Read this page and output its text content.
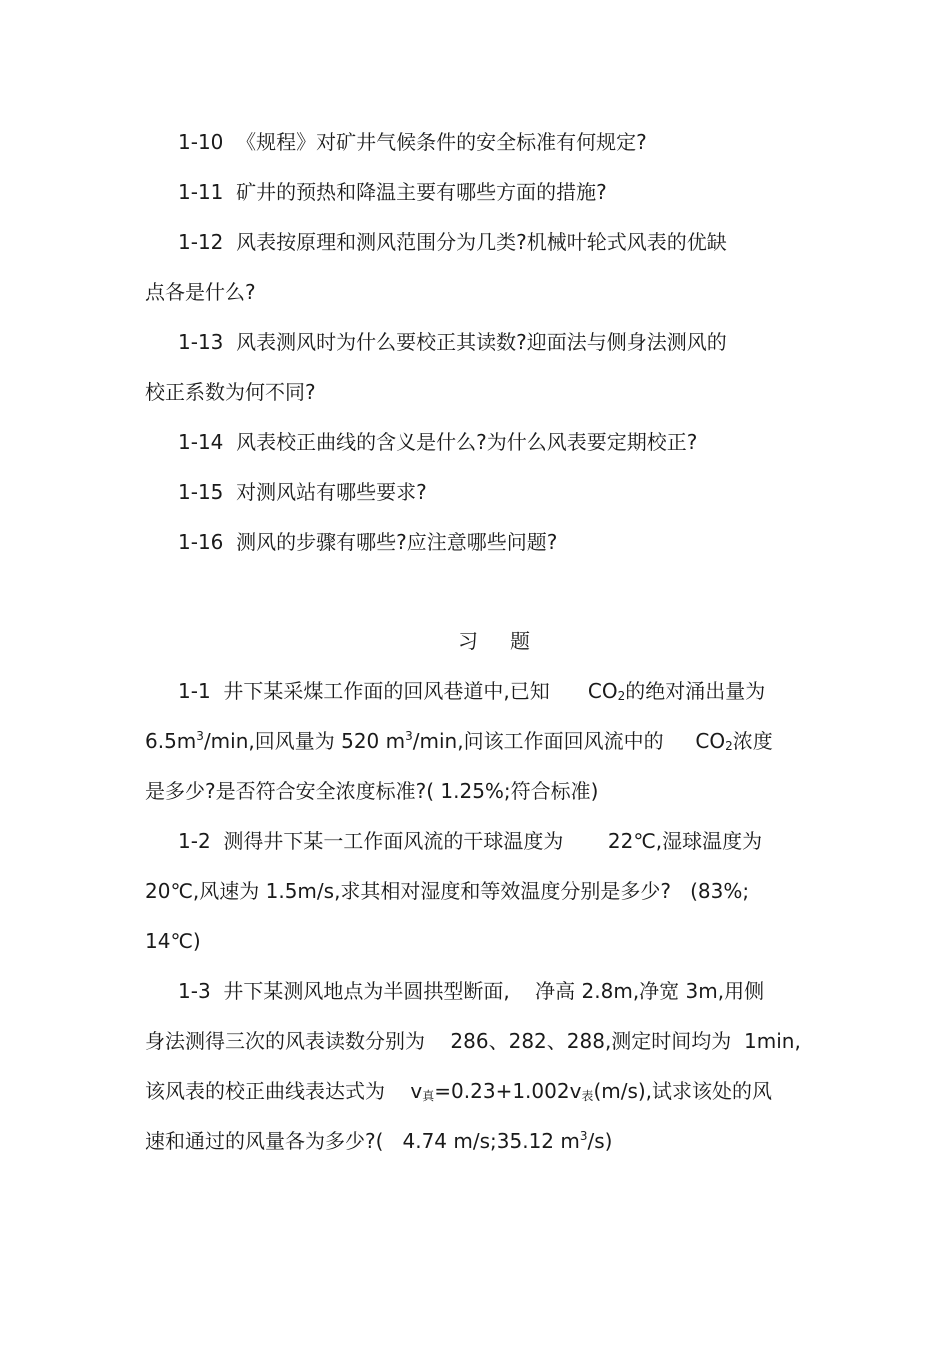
1-10 《规程》对矿井气候条件的安全标准有何规定?
1-11 矿井的预热和降温主要有哪些方面的措施?
1-12 风表按原理和测风范围分为几类?机械叶轮式风表的优缺
点各是什么?
1-13 风表测风时为什么要校正其读数?迎面法与侧身法测风的
校正系数为何不同?
1-14 风表校正曲线的含义是什么?为什么风表要定期校正?
1-15 对测风站有哪些要求?
1-16 测风的步骤有哪些?应注意哪些问题?
习 题
1-1 井下某采煤工作面的回风巷道中,已知 $CO_2$的绝对涌出量为
$6.5m^3/\min$,回风量为 520 $m^3/\min$,问该工作面回风流中的 $CO_2$浓度
是多少?是否符合安全浓度标准?( 1.25%;符合标准)
1-2 测得井下某一工作面风流的干球温度为       22℃,湿球温度为
20℃,风速为 1.5m/s,求其相对湿度和等效温度分别是多少?   (83%;
14℃)
1-3 井下某测风地点为半圆拱型断面,    净高 2.8m,净宽 3m,用侧
身法测得三次的风表读数分别为    286、282、288,测定时间均为  1min,
该风表的校正曲线表达式为    v真=0.23+1.002v表(m/s),试求该处的风
速和通过的风量各为多少?(   4.74 m/s;35.12 $m^3/s$)
